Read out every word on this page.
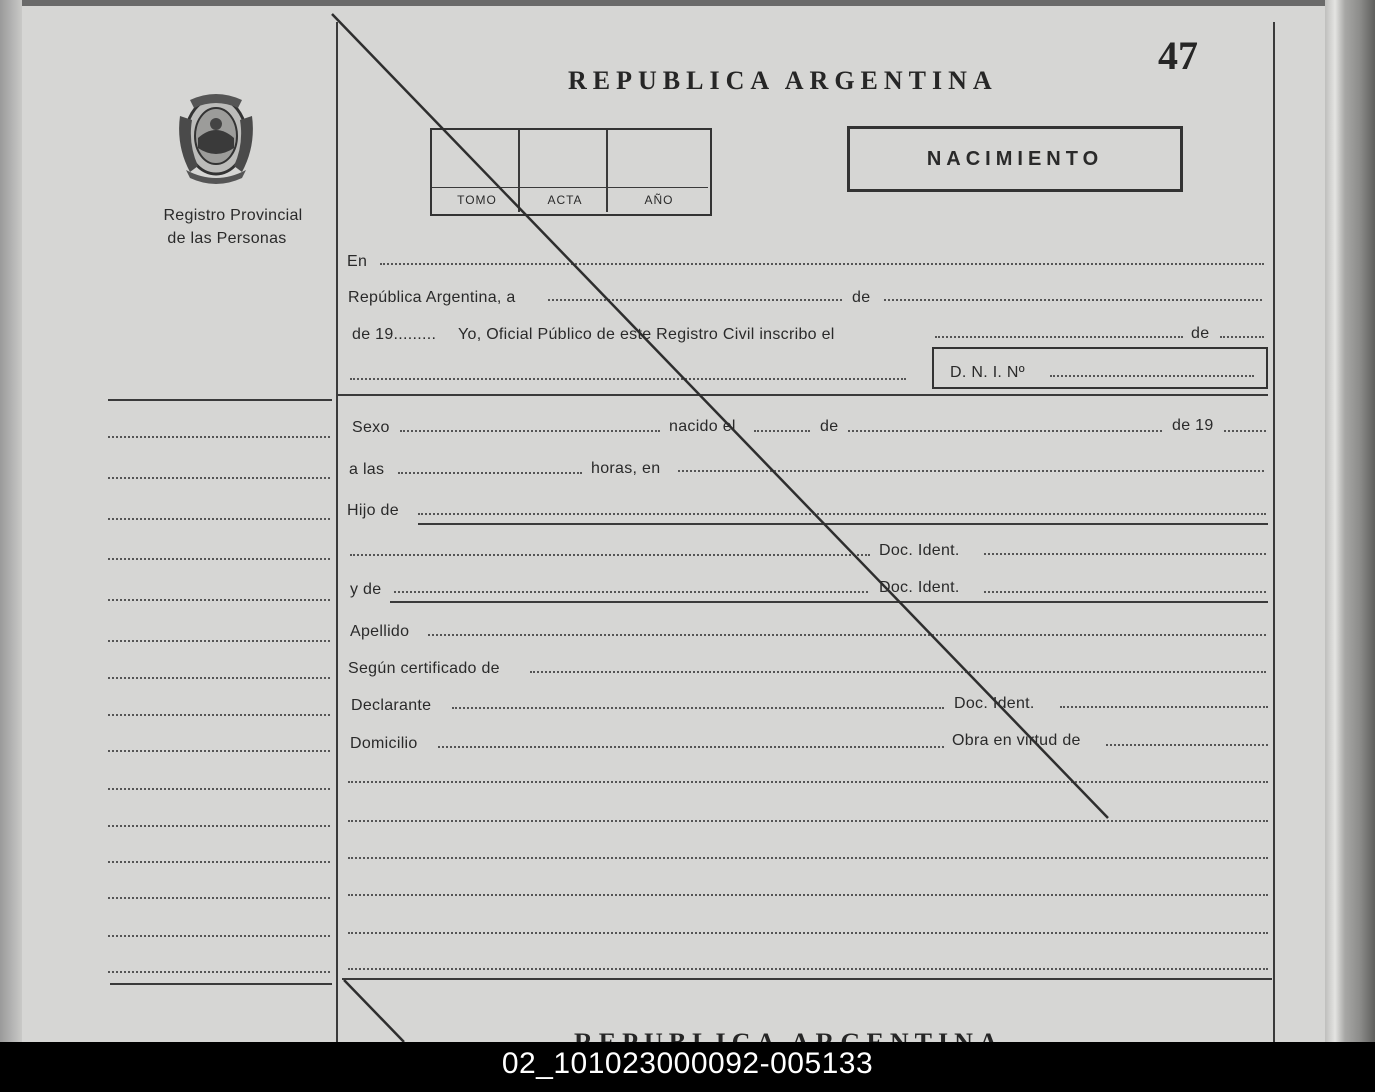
Registro Provincial
de las Personas
47
REPUBLICA ARGENTINA
TOMO	ACTA	AÑO
NACIMIENTO
En
República Argentina, a	de
de 19......... Yo, Oficial Público de este Registro Civil inscribo el	de
D. N. I. Nº
Sexo	nacido el	de	de 19
a las	horas, en
Hijo de
Doc. Ident.
y de	Doc. Ident.
Apellido
Según certificado de
Declarante	Doc. Ident.
Domicilio	Obra en virtud de
02_101023000092-005133
